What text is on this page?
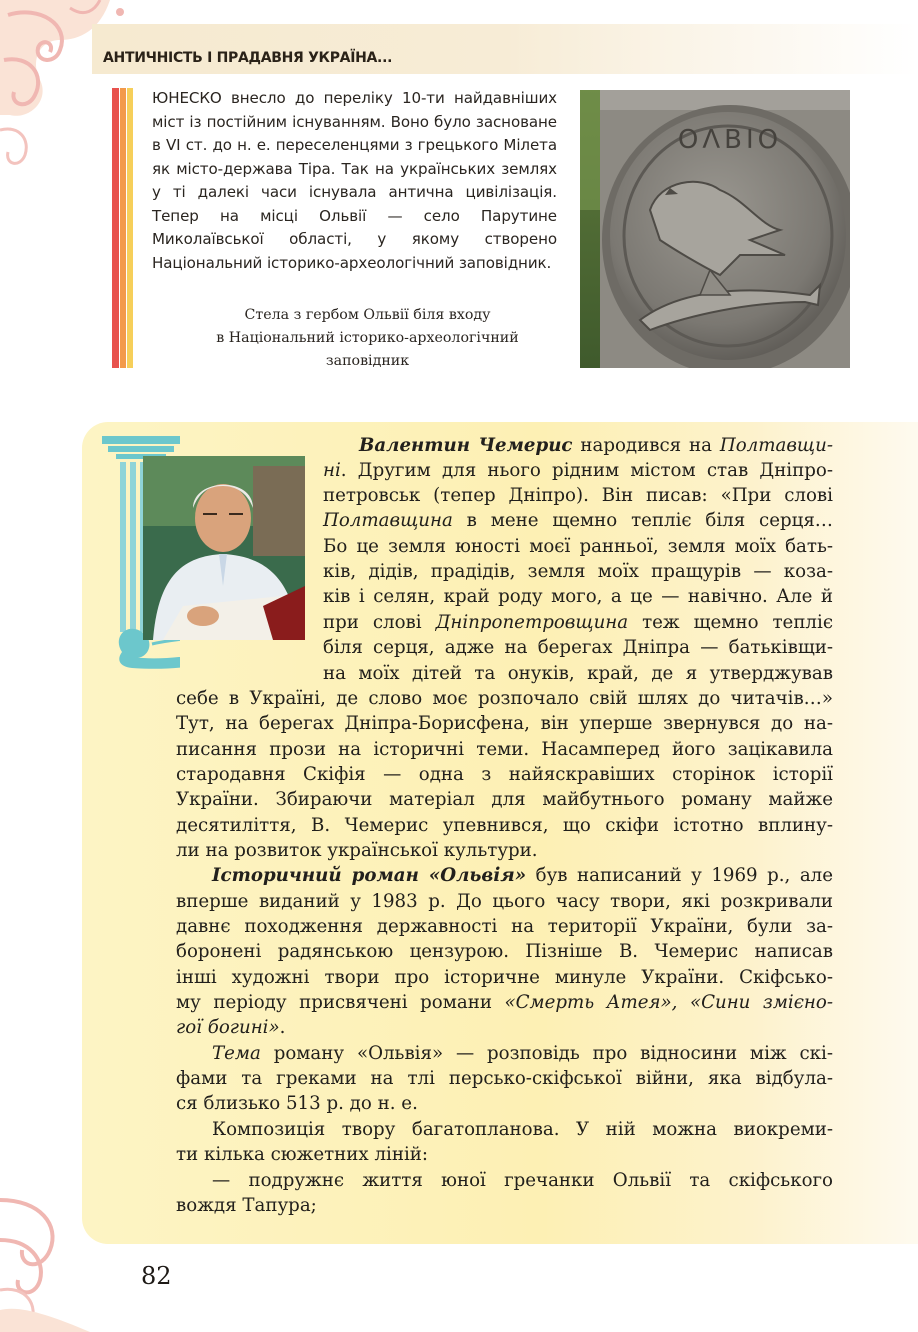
АНТИЧНІСТЬ І ПРАДАВНЯ УКРАЇНА...
ЮНЕСКО внесло до переліку 10-ти найдавніших міст із постійним існуванням. Воно було засноване в VI ст. до н. е. переселенцями з грецького Мілета як місто-держава Тіра. Так на українських землях у ті далекі часи існувала антична цивілізація. Тепер на місці Ольвії — село Парутине Миколаївської області, у якому створено Національний історико-археологічний заповідник.
Стела з гербом Ольвії біля входу
в Національний історико-археологічний
заповідник
ОΛΒΙΟ
Валентин Чемерис народився на Полтавщи-
ні. Другим для нього рідним містом став Дніпро-
петровськ (тепер Дніпро). Він писав: «При слові
Полтавщина в мене щемно тепліє біля серця…
Бо це земля юності моєї ранньої, земля моїх бать-
ків, дідів, прадідів, земля моїх пращурів — коза-
ків і селян, край роду мого, а це — навічно. Але й
при слові Дніпропетровщина теж щемно тепліє
біля серця, адже на берегах Дніпра — батьківщи-
на моїх дітей та онуків, край, де я утверджував
себе в Україні, де слово моє розпочало свій шлях до читачів…»
Тут, на берегах Дніпра-Борисфена, він уперше звернувся до на-
писання прози на історичні теми. Насамперед його зацікавила
стародавня Скіфія — одна з найяскравіших сторінок історії
України. Збираючи матеріал для майбутнього роману майже
десятиліття, В. Чемерис упевнився, що скіфи істотно вплину-
ли на розвиток української культури.
Історичний роман «Ольвія» був написаний у 1969 р., але
вперше виданий у 1983 р. До цього часу твори, які розкривали
давнє походження державності на території України, були за-
боронені радянською цензурою. Пізніше В. Чемерис написав
інші художні твори про історичне минуле України. Скіфсько-
му періоду присвячені романи «Смерть Атея», «Сини змієно-
гої богині».
Тема роману «Ольвія» — розповідь про відносини між скі-
фами та греками на тлі персько-скіфської війни, яка відбула-
ся близько 513 р. до н. е.
Композиція твору багатопланова. У ній можна виокреми-
ти кілька сюжетних ліній:
— подружнє життя юної гречанки Ольвії та скіфського
вождя Тапура;
82
